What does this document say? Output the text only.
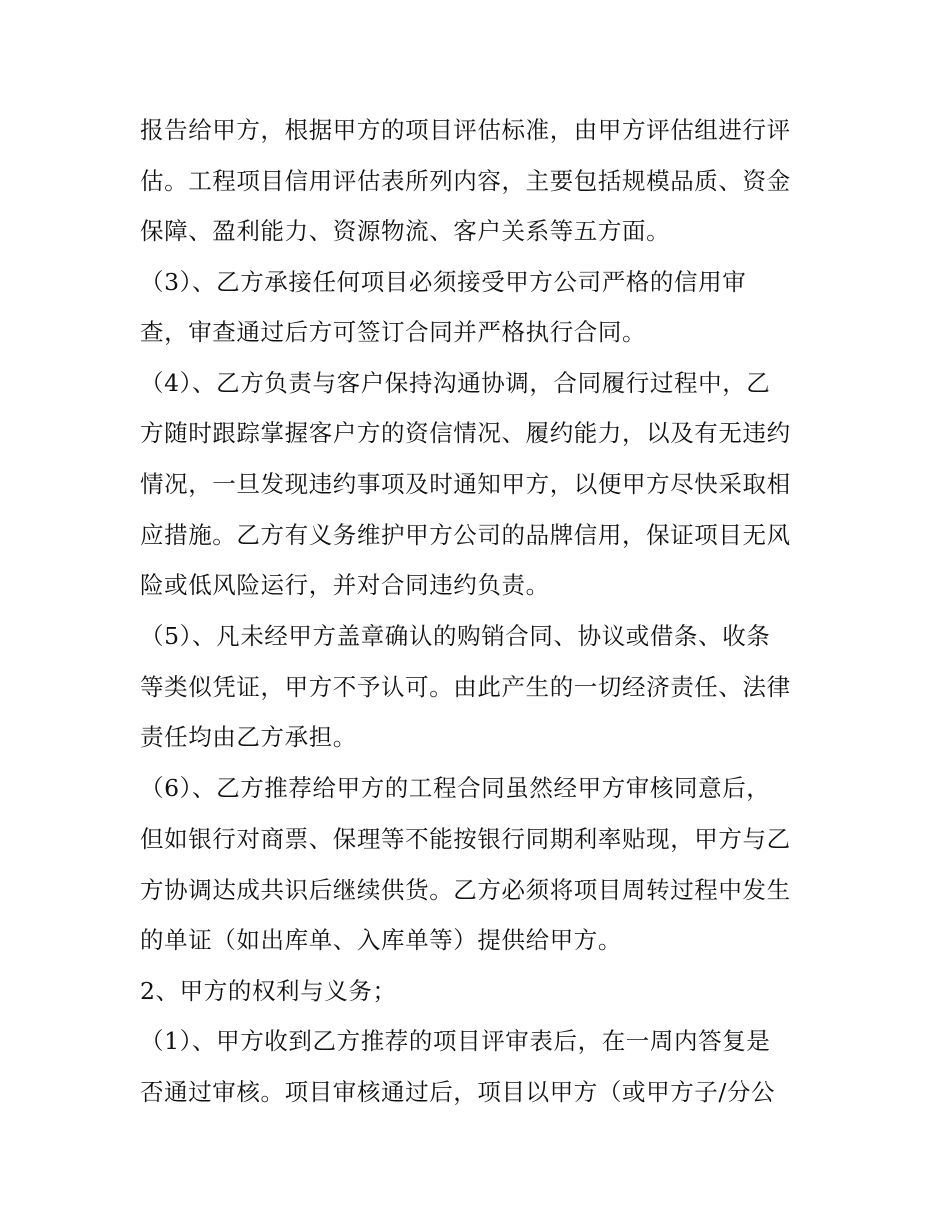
报告给甲方，根据甲方的项目评估标准，由甲方评估组进行评
估。工程项目信用评估表所列内容，主要包括规模品质、资金
保障、盈利能力、资源物流、客户关系等五方面。
（3）、乙方承接任何项目必须接受甲方公司严格的信用审
查，审查通过后方可签订合同并严格执行合同。
（4）、乙方负责与客户保持沟通协调，合同履行过程中，乙
方随时跟踪掌握客户方的资信情况、履约能力，以及有无违约
情况，一旦发现违约事项及时通知甲方，以便甲方尽快采取相
应措施。乙方有义务维护甲方公司的品牌信用，保证项目无风
险或低风险运行，并对合同违约负责。
（5）、凡未经甲方盖章确认的购销合同、协议或借条、收条
等类似凭证，甲方不予认可。由此产生的一切经济责任、法律
责任均由乙方承担。
（6）、乙方推荐给甲方的工程合同虽然经甲方审核同意后，
但如银行对商票、保理等不能按银行同期利率贴现，甲方与乙
方协调达成共识后继续供货。乙方必须将项目周转过程中发生
的单证（如出库单、入库单等）提供给甲方。
2、甲方的权利与义务；
（1）、甲方收到乙方推荐的项目评审表后，在一周内答复是
否通过审核。项目审核通过后，项目以甲方（或甲方子/分公
